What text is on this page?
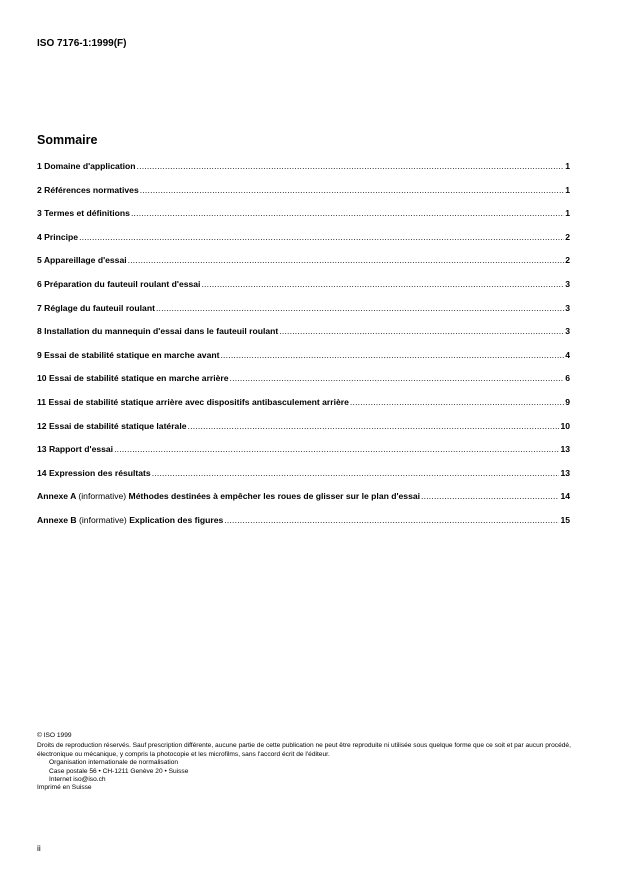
ISO 7176-1:1999(F)
Sommaire
1 Domaine d'application .....	1
2 Références normatives .....	1
3 Termes et définitions .....	1
4 Principe .....	2
5 Appareillage d'essai .....	2
6 Préparation du fauteuil roulant d'essai .....	3
7 Réglage du fauteuil roulant .....	3
8 Installation du mannequin d'essai dans le fauteuil roulant .....	3
9 Essai de stabilité statique en marche avant .....	4
10 Essai de stabilité statique en marche arrière .....	6
11 Essai de stabilité statique arrière avec dispositifs antibasculement arrière .....	9
12 Essai de stabilité statique latérale .....	10
13 Rapport d'essai .....	13
14 Expression des résultats .....	13
Annexe A (informative) Méthodes destinées à empêcher les roues de glisser sur le plan d'essai .....	14
Annexe B (informative) Explication des figures .....	15
© ISO 1999
Droits de reproduction réservés. Sauf prescription différente, aucune partie de cette publication ne peut être reproduite ni utilisée sous quelque forme que ce soit et par aucun procédé, électronique ou mécanique, y compris la photocopie et les microfilms, sans l'accord écrit de l'éditeur.
Organisation internationale de normalisation
Case postale 56 • CH-1211 Genève 20 • Suisse
Internet iso@iso.ch
Imprimé en Suisse
ii
